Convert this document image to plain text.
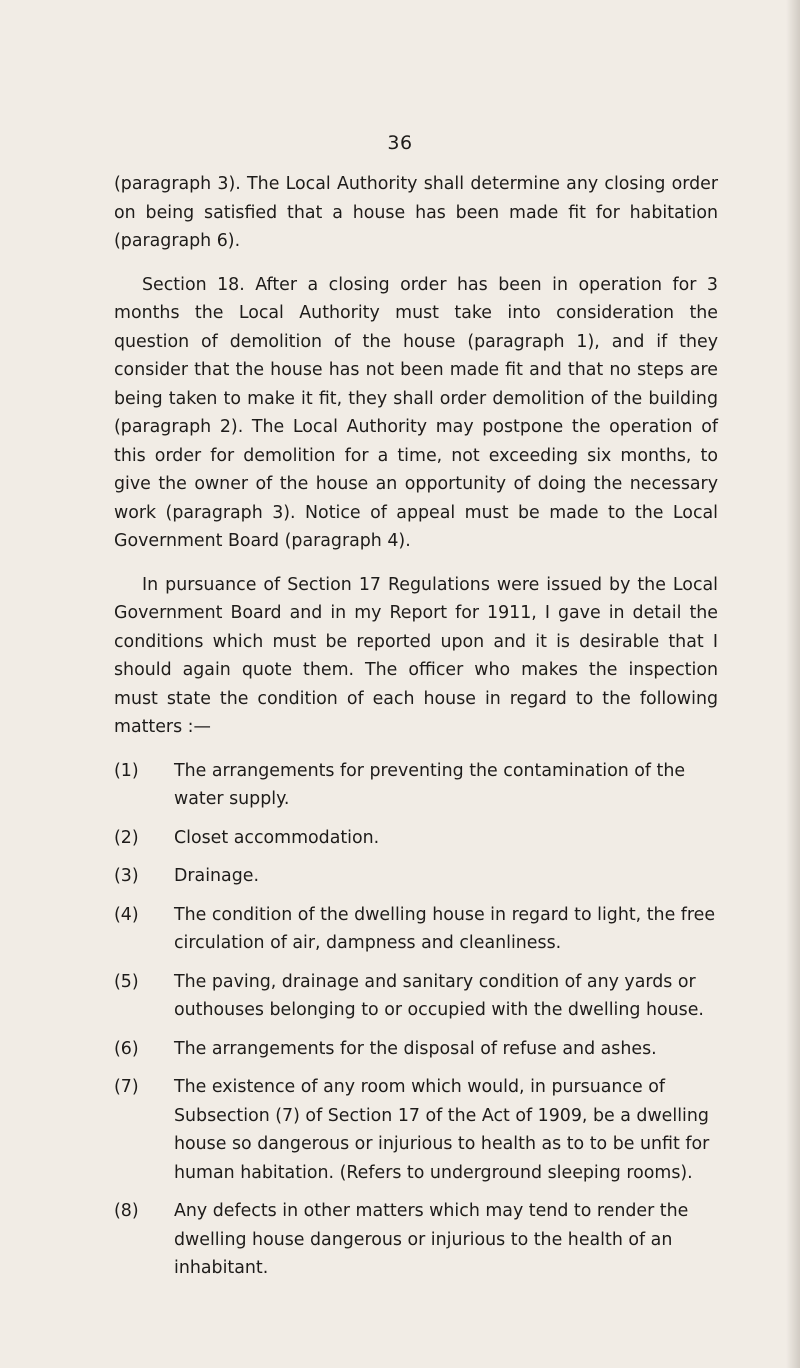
36

(paragraph 3). The Local Authority shall determine any closing order on being satisfied that a house has been made fit for habitation (paragraph 6).

Section 18. After a closing order has been in operation for 3 months the Local Authority must take into consideration the question of demolition of the house (paragraph 1), and if they consider that the house has not been made fit and that no steps are being taken to make it fit, they shall order demolition of the building (paragraph 2). The Local Authority may postpone the operation of this order for demolition for a time, not exceeding six months, to give the owner of the house an opportunity of doing the necessary work (paragraph 3). Notice of appeal must be made to the Local Government Board (paragraph 4).

In pursuance of Section 17 Regulations were issued by the Local Government Board and in my Report for 1911, I gave in detail the conditions which must be reported upon and it is desirable that I should again quote them. The officer who makes the inspection must state the condition of each house in regard to the following matters :—

(1) The arrangements for preventing the contamination of the water supply.
(2) Closet accommodation.
(3) Drainage.
(4) The condition of the dwelling house in regard to light, the free circulation of air, dampness and cleanliness.
(5) The paving, drainage and sanitary condition of any yards or outhouses belonging to or occupied with the dwelling house.
(6) The arrangements for the disposal of refuse and ashes.
(7) The existence of any room which would, in pursuance of Subsection (7) of Section 17 of the Act of 1909, be a dwelling house so dangerous or injurious to health as to to be unfit for human habitation. (Refers to underground sleeping rooms).
(8) Any defects in other matters which may tend to render the dwelling house dangerous or injurious to the health of an inhabitant.
